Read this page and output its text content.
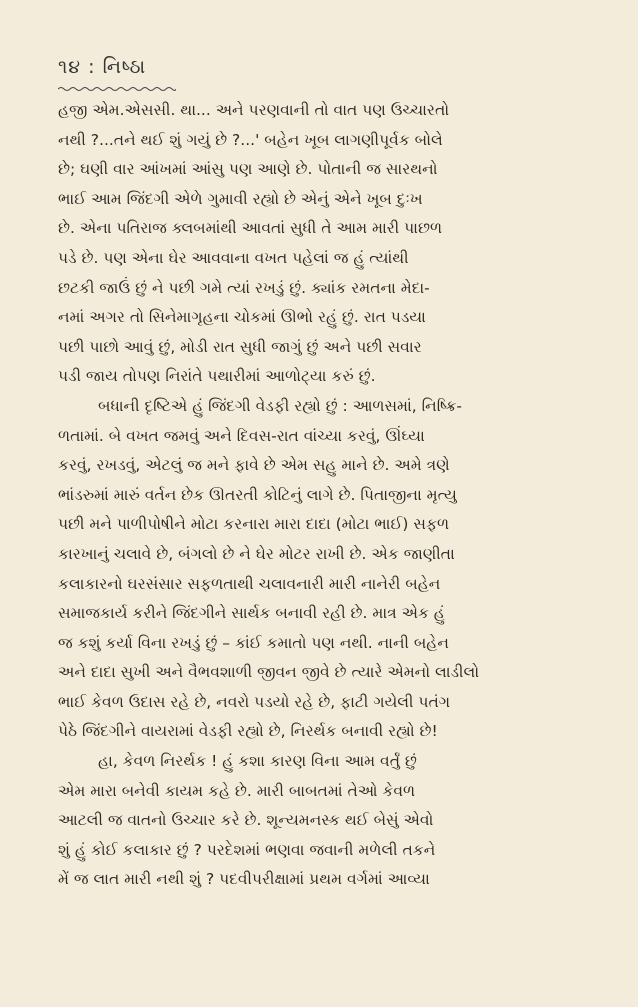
૧૪ : નિષ્ઠા

હજી એમ.એસસી. થા... અને પરણવાની તો વાત પણ ઉચ્ચારતો
નથી ?...તને થઈ શું ગયું છે ?...' બહેન ખૂબ લાગણીપૂર્વક બોલે
છે; ઘણી વાર આંખમાં આંસુ પણ આણે છે. પોતાની જ સારથનો
ભાઈ આમ જિંદગી એળે ગુમાવી રહ્યો છે એનું એને ખૂબ દુઃખ
છે. એના પતિરાજ ક્લબમાંથી આવતાં સુધી તે આમ મારી પાછળ
પડે છે. પણ એના ઘેર આવવાના વખત પહેલાં જ હું ત્યાંથી
છટકી જાઉં છું ને પછી ગમે ત્યાં રખડું છું. ક્યાંક રમતના મેદા-
નમાં અગર તો સિનેમાગૃહના ચોકમાં ઊભો રહું છું. રાત પડયા
પછી પાછો આવું છું, મોડી રાત સુધી જાગું છું અને પછી સવાર
પડી જાય તોપણ નિરાંતે પથારીમાં આળોટ્યા કરું છું.

બધાની દૃષ્ટિએ હું જિંદગી વેડફી રહ્યો છું : આળસમાં, નિષ્ક્રિ-
ળતામાં. બે વખત જમવું અને દિવસ-રાત વાંચ્યા કરવું, ઊંઘ્યા
કરવું, રખડવું, એટલું જ મને ફાવે છે એમ સહુ માને છે. અમે ત્રણે
ભાંડરુમાં મારું વર્તન છેક ઊતરતી કોટિનું લાગે છે. પિતાજીના મૃત્યુ
પછી મને પાળીપોષીને મોટા કરનારા મારા દાદા (મોટા ભાઈ) સફળ
કારખાનું ચલાવે છે, બંગલો છે ને ઘેર મોટર રાખી છે. એક જાણીતા
કલાકારનો ઘરસંસાર સફળતાથી ચલાવનારી મારી નાનેરી બહેન
સમાજકાર્ય કરીને જિંદગીને સાર્થક બનાવી રહી છે. માત્ર એક હું
જ કશું કર્યા વિના રખડું છું – કાંઈ કમાતો પણ નથી. નાની બહેન
અને દાદા સુખી અને વૈભવશાળી જીવન જીવે છે ત્યારે એમનો લાડીલો
ભાઈ કેવળ ઉદાસ રહે છે, નવરો પડયો રહે છે, ફાટી ગયેલી પતંગ
પેઠે જિંદગીને વાયરામાં વેડફી રહ્યો છે, નિરર્થક બનાવી રહ્યો છે!

હા, કેવળ નિરર્થક ! હું કશા કારણ વિના આમ વર્તું છું
એમ મારા બનેવી કાયમ કહે છે. મારી બાબતમાં તેઓ કેવળ
આટલી જ વાતનો ઉચ્ચાર કરે છે. શૂન્યમનસ્ક થઈ બેસું એવો
શું હું કોઈ કલાકાર છું ? પરદેશમાં ભણવા જવાની મળેલી તકને
મેં જ લાત મારી નથી શું ? પદવીપરીક્ષામાં પ્રથમ વર્ગમાં આવ્યા
